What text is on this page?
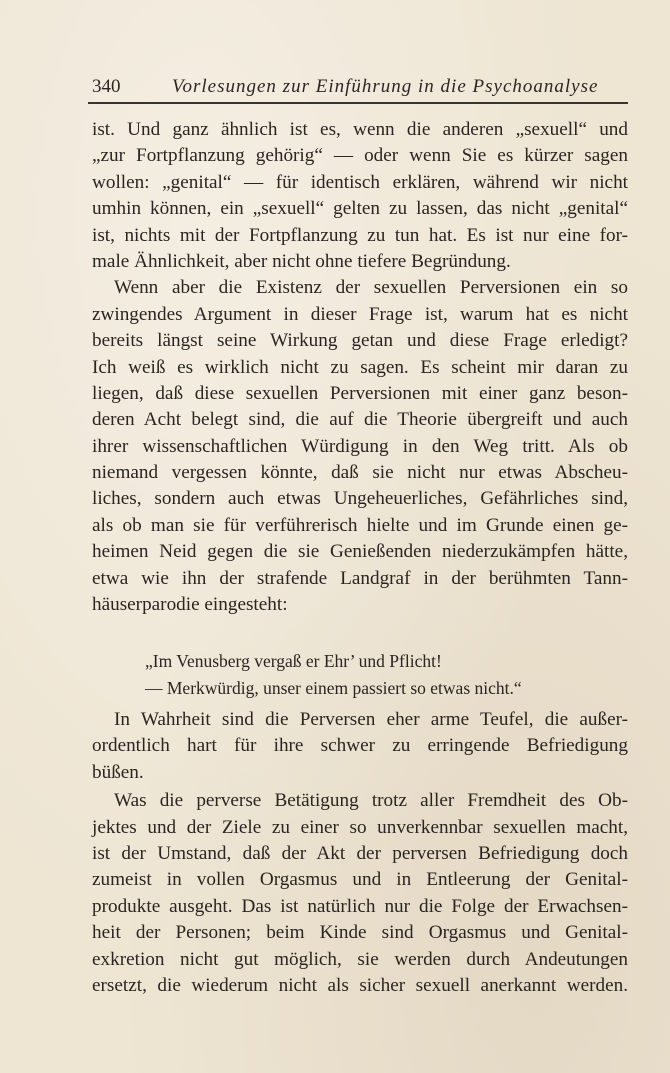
340	Vorlesungen zur Einführung in die Psychoanalyse
ist. Und ganz ähnlich ist es, wenn die anderen „sexuell“ und
„zur Fortpflanzung gehörig“ — oder wenn Sie es kürzer sagen
wollen: „genital“ — für identisch erklären, während wir nicht
umhin können, ein „sexuell“ gelten zu lassen, das nicht „genital“
ist, nichts mit der Fortpflanzung zu tun hat. Es ist nur eine for-
male Ähnlichkeit, aber nicht ohne tiefere Begründung.
Wenn aber die Existenz der sexuellen Perversionen ein so
zwingendes Argument in dieser Frage ist, warum hat es nicht
bereits längst seine Wirkung getan und diese Frage erledigt?
Ich weiß es wirklich nicht zu sagen. Es scheint mir daran zu
liegen, daß diese sexuellen Perversionen mit einer ganz beson-
deren Acht belegt sind, die auf die Theorie übergreift und auch
ihrer wissenschaftlichen Würdigung in den Weg tritt. Als ob
niemand vergessen könnte, daß sie nicht nur etwas Abscheu-
liches, sondern auch etwas Ungeheuerliches, Gefährliches sind,
als ob man sie für verführerisch hielte und im Grunde einen ge-
heimen Neid gegen die sie Genießenden niederzukämpfen hätte,
etwa wie ihn der strafende Landgraf in der berühmten Tann-
häuserparodie eingesteht:
„Im Venusberg vergaß er Ehr’ und Pflicht!
— Merkwürdig, unser einem passiert so etwas nicht.“
In Wahrheit sind die Perversen eher arme Teufel, die außer-
ordentlich hart für ihre schwer zu erringende Befriedigung
büßen.
Was die perverse Betätigung trotz aller Fremdheit des Ob-
jektes und der Ziele zu einer so unverkennbar sexuellen macht,
ist der Umstand, daß der Akt der perversen Befriedigung doch
zumeist in vollen Orgasmus und in Entleerung der Genital-
produkte ausgeht. Das ist natürlich nur die Folge der Erwachsen-
heit der Personen; beim Kinde sind Orgasmus und Genital-
exkretion nicht gut möglich, sie werden durch Andeutungen
ersetzt, die wiederum nicht als sicher sexuell anerkannt werden.
